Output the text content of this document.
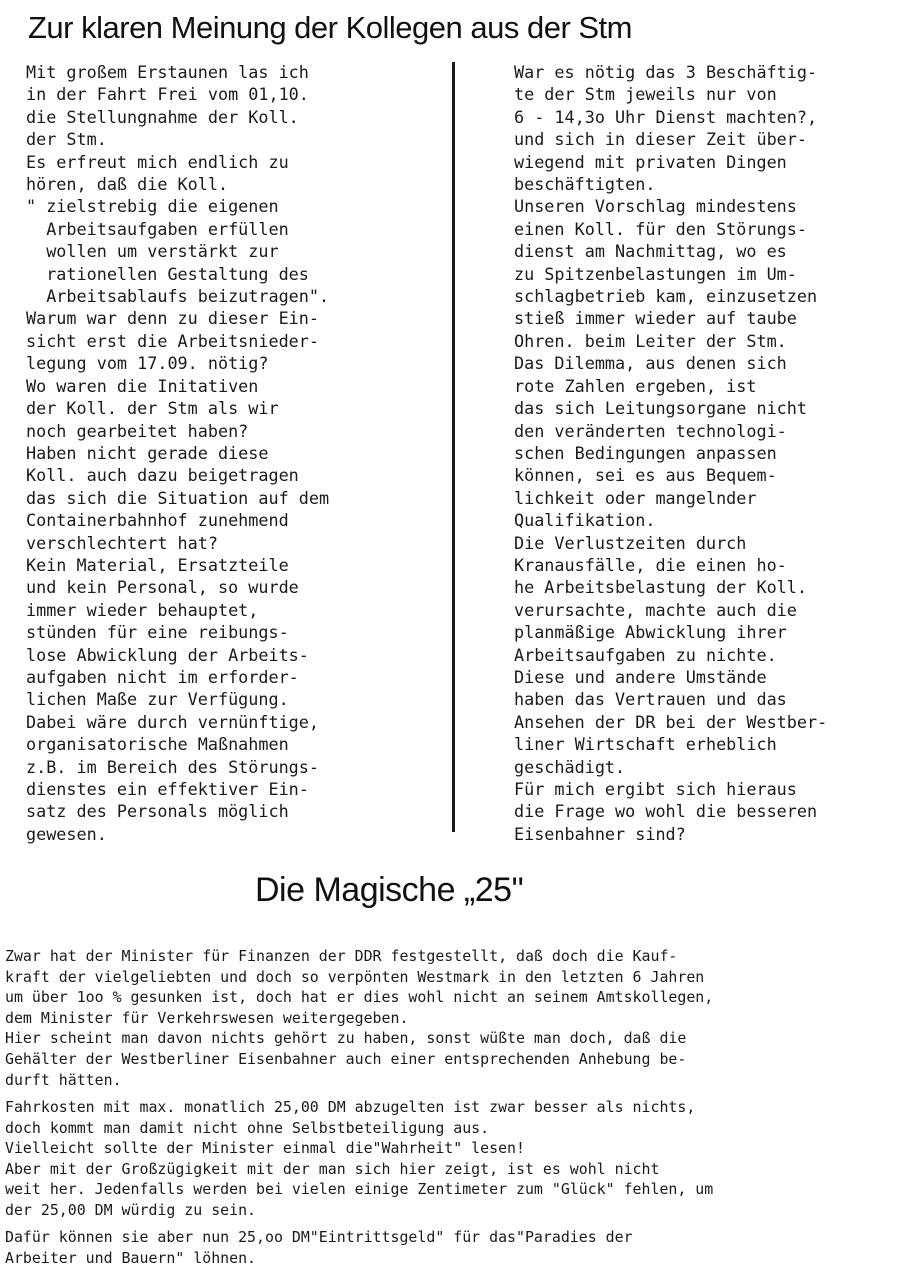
Zur klaren Meinung der Kollegen aus der Stm
Mit großem Erstaunen las ich
in der Fahrt Frei vom 01,10.
die Stellungnahme der Koll.
der Stm.
Es erfreut mich endlich zu
hören, daß die Koll.
" zielstrebig die eigenen
Arbeitsaufgaben erfüllen
wollen um verstärkt zur
rationellen Gestaltung des
Arbeitsablaufs beizutragen".
Warum war denn zu dieser Ein-
sicht erst die Arbeitsnieder-
legung vom 17.09. nötig?
Wo waren die Initativen
der Koll. der Stm als wir
noch gearbeitet haben?
Haben nicht gerade diese
Koll. auch dazu beigetragen
das sich die Situation auf dem
Containerbahnhof zunehmend
verschlechtert hat?
Kein Material, Ersatzteile
und kein Personal, so wurde
immer wieder behauptet,
stünden für eine reibungs-
lose Abwicklung der Arbeits-
aufgaben nicht im erforder-
lichen Maße zur Verfügung.
Dabei wäre durch vernünftige,
organisatorische Maßnahmen
z.B. im Bereich des Störungs-
dienstes ein effektiver Ein-
satz des Personals möglich
gewesen.
War es nötig das 3 Beschäftig-
te der Stm jeweils nur von
6 - 14,3o Uhr Dienst machten?,
und sich in dieser Zeit über-
wiegend mit privaten Dingen
beschäftigten.
Unseren Vorschlag mindestens
einen Koll. für den Störungs-
dienst am Nachmittag, wo es
zu Spitzenbelastungen im Um-
schlagbetrieb kam, einzusetzen
stieß immer wieder auf taube
Ohren. beim Leiter der Stm.
Das Dilemma, aus denen sich
rote Zahlen ergeben, ist
das sich Leitungsorgane nicht
den veränderten technologi-
schen Bedingungen anpassen
können, sei es aus Bequem-
lichkeit oder mangelnder
Qualifikation.
Die Verlustzeiten durch
Kranausfälle, die einen ho-
he Arbeitsbelastung der Koll.
verursachte, machte auch die
planmäßige Abwicklung ihrer
Arbeitsaufgaben zu nichte.
Diese und andere Umstände
haben das Vertrauen und das
Ansehen der DR bei der Westber-
liner Wirtschaft erheblich
geschädigt.
Für mich ergibt sich hieraus
die Frage wo wohl die besseren
Eisenbahner sind?
Die Magische „25"
Zwar hat der Minister für Finanzen der DDR festgestellt, daß doch die Kauf-
kraft der vielgeliebten und doch so verpönten Westmark in den letzten 6 Jahren
um über 1oo % gesunken ist, doch hat er dies wohl nicht an seinem Amtskollegen,
dem Minister für Verkehrswesen weitergegeben.
Hier scheint man davon nichts gehört zu haben, sonst wüßte man doch, daß die
Gehälter der Westberliner Eisenbahner auch einer entsprechenden Anhebung be-
durft hätten.
Fahrkosten mit max. monatlich 25,00 DM abzugelten ist zwar besser als nichts,
doch kommt man damit nicht ohne Selbstbeteiligung aus.
Vielleicht sollte der Minister einmal die"Wahrheit" lesen!
Aber mit der Großzügigkeit mit der man sich hier zeigt, ist es wohl nicht
weit her. Jedenfalls werden bei vielen einige Zentimeter zum "Glück" fehlen, um
der 25,00 DM würdig zu sein.
Dafür können sie aber nun 25,oo DM"Eintrittsgeld" für das"Paradies der
Arbeiter und Bauern" löhnen.
